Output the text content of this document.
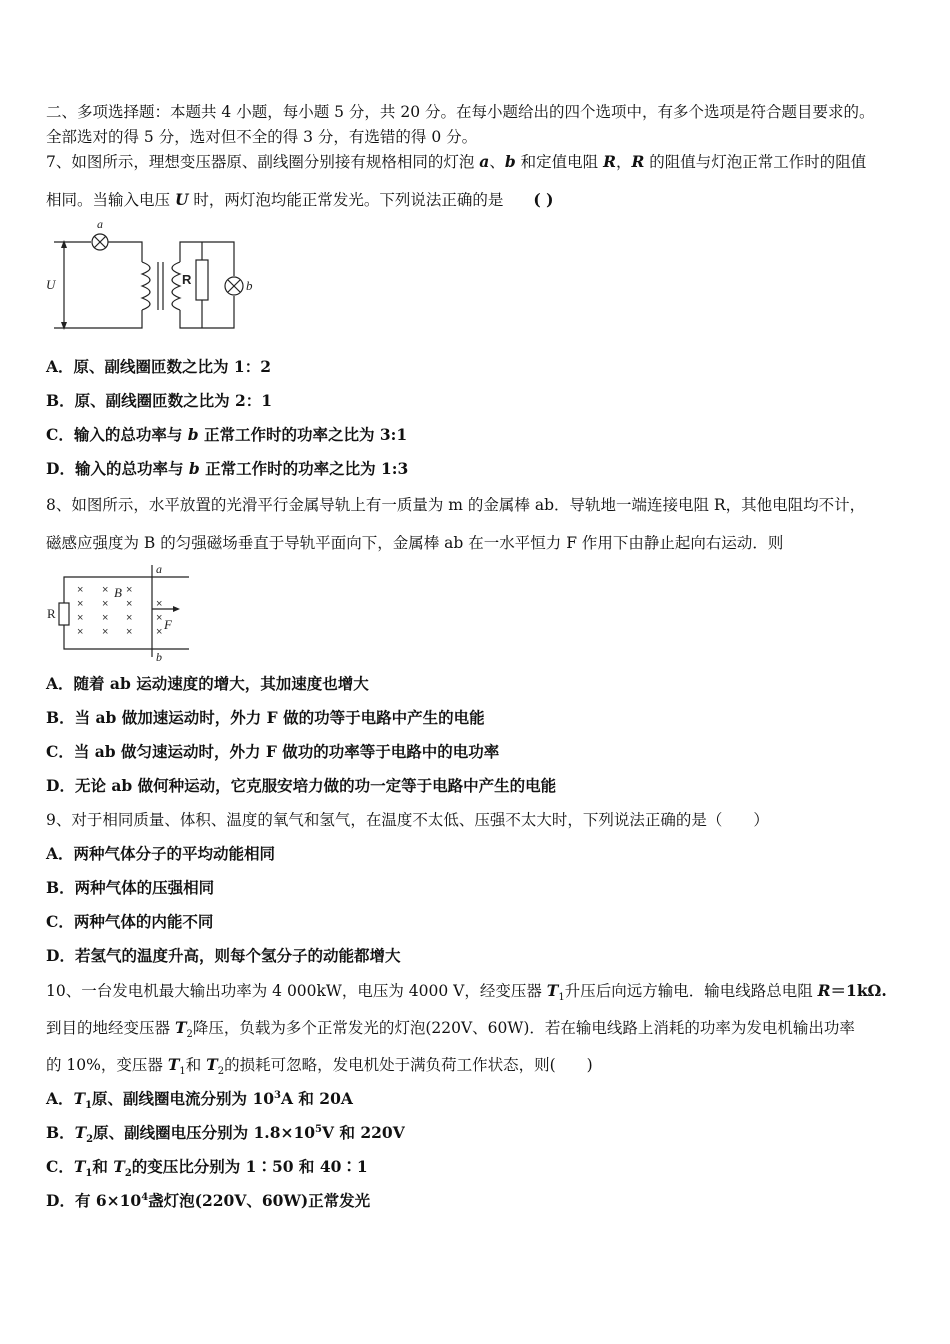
二、多项选择题：本题共 4 小题，每小题 5 分，共 20 分。在每小题给出的四个选项中，有多个选项是符合题目要求的。
全部选对的得 5 分，选对但不全的得 3 分，有选错的得 0 分。
7、如图所示，理想变压器原、副线圈分别接有规格相同的灯泡 a、b 和定值电阻 R，R 的阻值与灯泡正常工作时的阻值
相同。当输入电压 U 时，两灯泡均能正常发光。下列说法正确的是 ( )
a
U	R	b
A．原、副线圈匝数之比为 1：2
B．原、副线圈匝数之比为 2：1
C．输入的总功率与 b 正常工作时的功率之比为 3:1
D．输入的总功率与 b 正常工作时的功率之比为 1:3
8、如图所示，水平放置的光滑平行金属导轨上有一质量为 m 的金属棒 ab．导轨地一端连接电阻 R，其他电阻均不计，
磁感应强度为 B 的匀强磁场垂直于导轨平面向下，金属棒 ab 在一水平恒力 F 作用下由静止起向右运动．则
× × ×
× × × ×
× × × ×
× × × ×
R
B
a
b
F
A．随着 ab 运动速度的增大，其加速度也增大
B．当 ab 做加速运动时，外力 F 做的功等于电路中产生的电能
C．当 ab 做匀速运动时，外力 F 做功的功率等于电路中的电功率
D．无论 ab 做何种运动，它克服安培力做的功一定等于电路中产生的电能
9、对于相同质量、体积、温度的氧气和氢气，在温度不太低、压强不太大时，下列说法正确的是（　　）
A．两种气体分子的平均动能相同
B．两种气体的压强相同
C．两种气体的内能不同
D．若氢气的温度升高，则每个氢分子的动能都增大
10、一台发电机最大输出功率为 4 000kW，电压为 4000 V，经变压器 $T_1$升压后向远方输电．输电线路总电阻 R＝1kΩ.
到目的地经变压器 $T_2$降压，负载为多个正常发光的灯泡(220V、60W)．若在输电线路上消耗的功率为发电机输出功率
的 10%，变压器 $T_1$和 $T_2$的损耗可忽略，发电机处于满负荷工作状态，则(　　)
A．$T_1$原、副线圈电流分别为 $10^3A$ 和 20A
B．$T_2$原、副线圈电压分别为 $1.8\times 10^5V$ 和 220V
C．$T_1$和 $T_2$的变压比分别为 1∶50 和 40∶1
D．有 $6\times 10^4$盏灯泡(220V、60W)正常发光
